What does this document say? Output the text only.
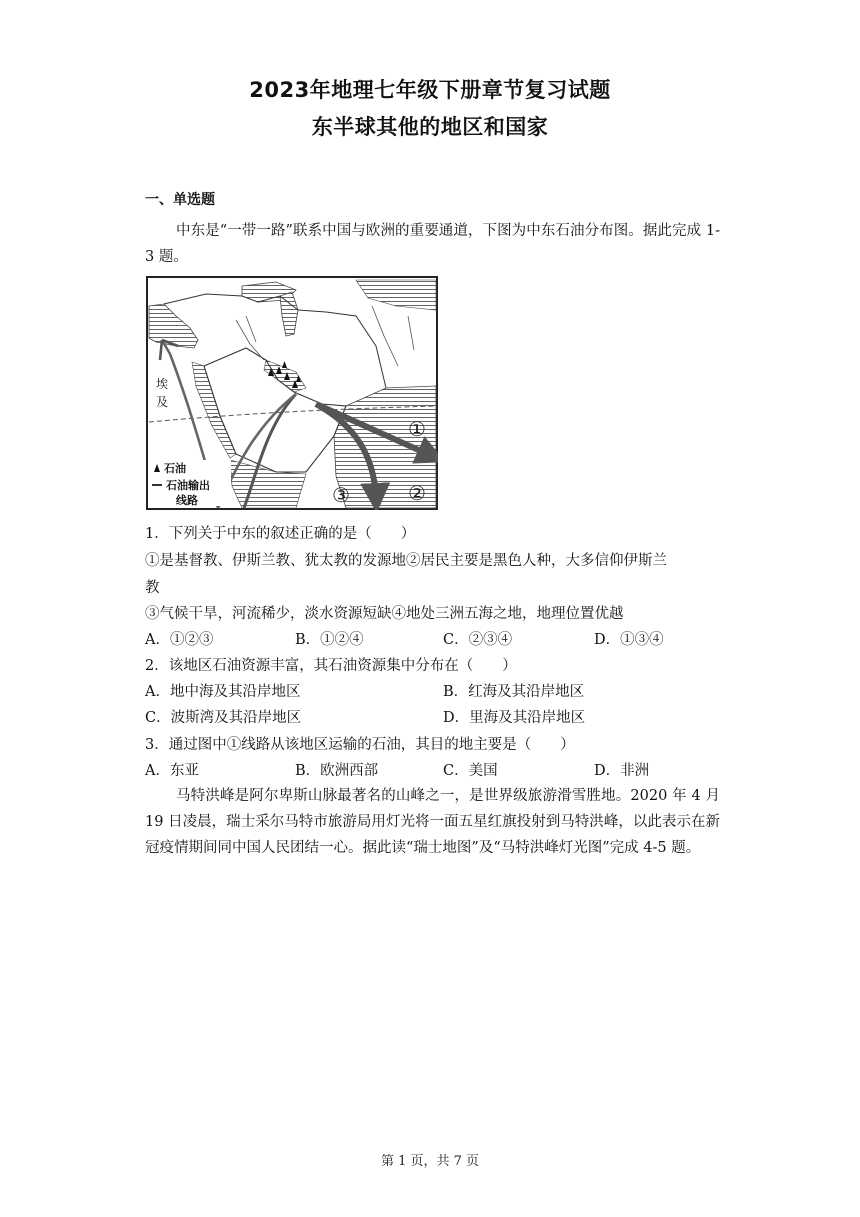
2023年地理七年级下册章节复习试题
东半球其他的地区和国家
一、单选题
中东是“一带一路”联系中国与欧洲的重要通道，下图为中东石油分布图。据此完成 1-3 题。
埃
及
石油
石油输出
线路
①
②
③
1．下列关于中东的叙述正确的是（　　）
①是基督教、伊斯兰教、犹太教的发源地②居民主要是黑色人种，大多信仰伊斯兰
教
③气候干旱，河流稀少，淡水资源短缺④地处三洲五海之地，地理位置优越
A．①②③	B．①②④	C．②③④	D．①③④
2．该地区石油资源丰富，其石油资源集中分布在（　　）
A．地中海及其沿岸地区	B．红海及其沿岸地区
C．波斯湾及其沿岸地区	D．里海及其沿岸地区
3．通过图中①线路从该地区运输的石油，其目的地主要是（　　）
A．东亚	B．欧洲西部	C．美国	D．非洲
马特洪峰是阿尔卑斯山脉最著名的山峰之一，是世界级旅游滑雪胜地。2020 年 4 月 19 日凌晨，瑞士采尔马特市旅游局用灯光将一面五星红旗投射到马特洪峰，以此表示在新冠疫情期间同中国人民团结一心。据此读“瑞士地图”及“马特洪峰灯光图”完成 4-5 题。
第 1 页，共 7 页
